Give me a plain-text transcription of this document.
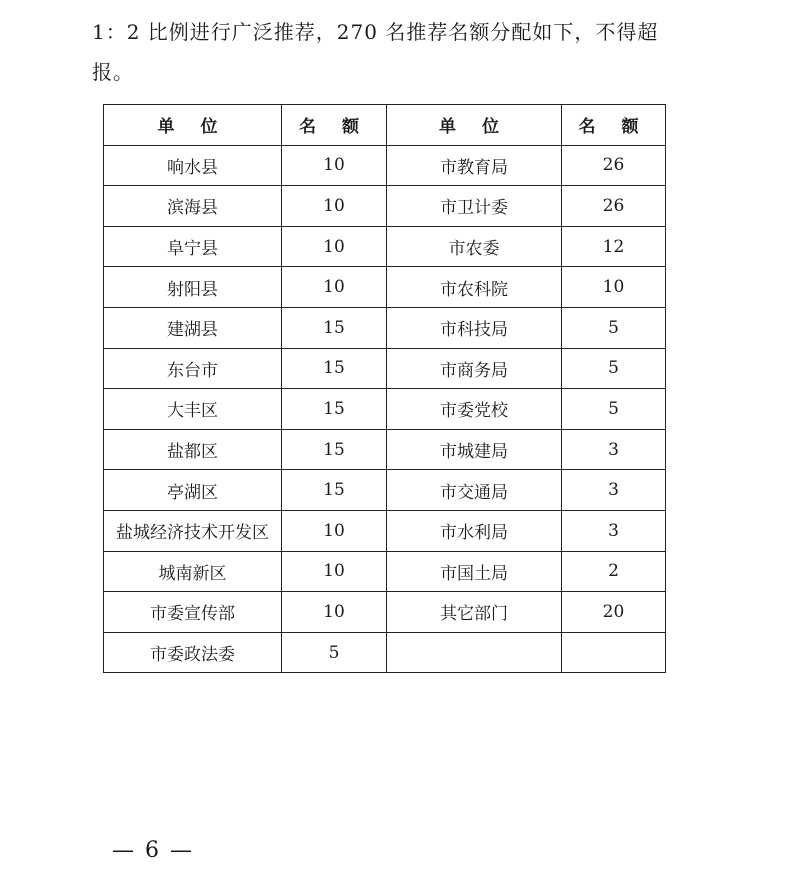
1：2 比例进行广泛推荐，270 名推荐名额分配如下，不得超

报。

单 位	名 额	单 位	名 额
响水县	10	市教育局	26
滨海县	10	市卫计委	26
阜宁县	10	市农委	12
射阳县	10	市农科院	10
建湖县	15	市科技局	5
东台市	15	市商务局	5
大丰区	15	市委党校	5
盐都区	15	市城建局	3
亭湖区	15	市交通局	3
盐城经济技术开发区	10	市水利局	3
城南新区	10	市国土局	2
市委宣传部	10	其它部门	20
市委政法委	5		
— 6 —
